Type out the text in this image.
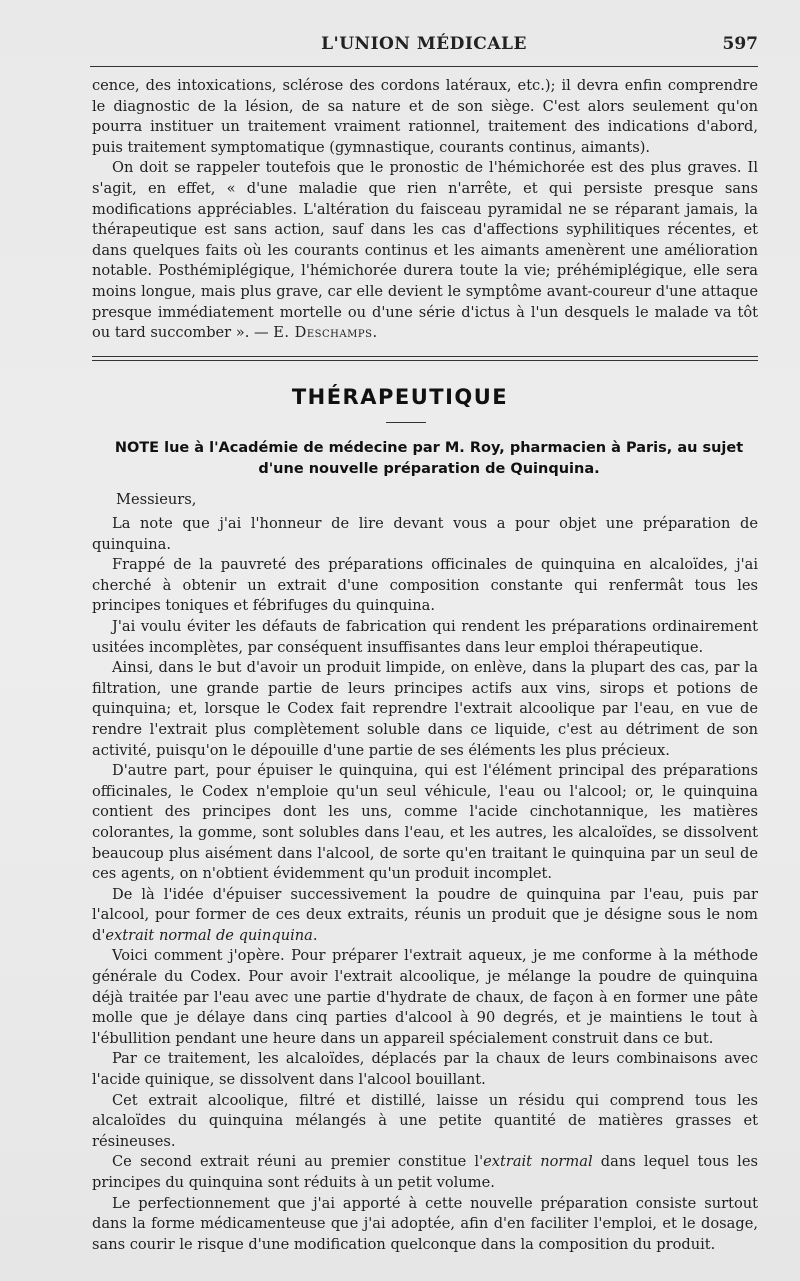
L'UNION MÉDICALE	597

cence, des intoxications, sclérose des cordons latéraux, etc.); il devra enfin comprendre le diagnostic de la lésion, de sa nature et de son siège. C'est alors seulement qu'on pourra instituer un traitement vraiment rationnel, traitement des indications d'abord, puis traitement symptomatique (gymnastique, courants continus, aimants).

On doit se rappeler toutefois que le pronostic de l'hémichorée est des plus graves. Il s'agit, en effet, « d'une maladie que rien n'arrête, et qui persiste presque sans modifications appréciables. L'altération du faisceau pyramidal ne se réparant jamais, la thérapeutique est sans action, sauf dans les cas d'affections syphilitiques récentes, et dans quelques faits où les courants continus et les aimants amenèrent une amélioration notable. Posthémiplégique, l'hémichorée durera toute la vie; préhémiplégique, elle sera moins longue, mais plus grave, car elle devient le symptôme avant-coureur d'une attaque presque immédiatement mortelle ou d'une série d'ictus à l'un desquels le malade va tôt ou tard succomber ». — E. Deschamps.

THÉRAPEUTIQUE
NOTE lue à l'Académie de médecine par M. Roy, pharmacien à Paris, au sujet d'une nouvelle préparation de Quinquina.
Messieurs,

La note que j'ai l'honneur de lire devant vous a pour objet une préparation de quinquina.

Frappé de la pauvreté des préparations officinales de quinquina en alcaloïdes, j'ai cherché à obtenir un extrait d'une composition constante qui renfermât tous les principes toniques et fébrifuges du quinquina.

J'ai voulu éviter les défauts de fabrication qui rendent les préparations ordinairement usitées incomplètes, par conséquent insuffisantes dans leur emploi thérapeutique.

Ainsi, dans le but d'avoir un produit limpide, on enlève, dans la plupart des cas, par la filtration, une grande partie de leurs principes actifs aux vins, sirops et potions de quinquina; et, lorsque le Codex fait reprendre l'extrait alcoolique par l'eau, en vue de rendre l'extrait plus complètement soluble dans ce liquide, c'est au détriment de son activité, puisqu'on le dépouille d'une partie de ses éléments les plus précieux.

D'autre part, pour épuiser le quinquina, qui est l'élément principal des préparations officinales, le Codex n'emploie qu'un seul véhicule, l'eau ou l'alcool; or, le quinquina contient des principes dont les uns, comme l'acide cinchotannique, les matières colorantes, la gomme, sont solubles dans l'eau, et les autres, les alcaloïdes, se dissolvent beaucoup plus aisément dans l'alcool, de sorte qu'en traitant le quinquina par un seul de ces agents, on n'obtient évidemment qu'un produit incomplet.

De là l'idée d'épuiser successivement la poudre de quinquina par l'eau, puis par l'alcool, pour former de ces deux extraits, réunis un produit que je désigne sous le nom d'extrait normal de quinquina.

Voici comment j'opère. Pour préparer l'extrait aqueux, je me conforme à la méthode générale du Codex. Pour avoir l'extrait alcoolique, je mélange la poudre de quinquina déjà traitée par l'eau avec une partie d'hydrate de chaux, de façon à en former une pâte molle que je délaye dans cinq parties d'alcool à 90 degrés, et je maintiens le tout à l'ébullition pendant une heure dans un appareil spécialement construit dans ce but.

Par ce traitement, les alcaloïdes, déplacés par la chaux de leurs combinaisons avec l'acide quinique, se dissolvent dans l'alcool bouillant.

Cet extrait alcoolique, filtré et distillé, laisse un résidu qui comprend tous les alcaloïdes du quinquina mélangés à une petite quantité de matières grasses et résineuses.

Ce second extrait réuni au premier constitue l'extrait normal dans lequel tous les principes du quinquina sont réduits à un petit volume.

Le perfectionnement que j'ai apporté à cette nouvelle préparation consiste surtout dans la forme médicamenteuse que j'ai adoptée, afin d'en faciliter l'emploi, et le dosage, sans courir le risque d'une modification quelconque dans la composition du produit.
